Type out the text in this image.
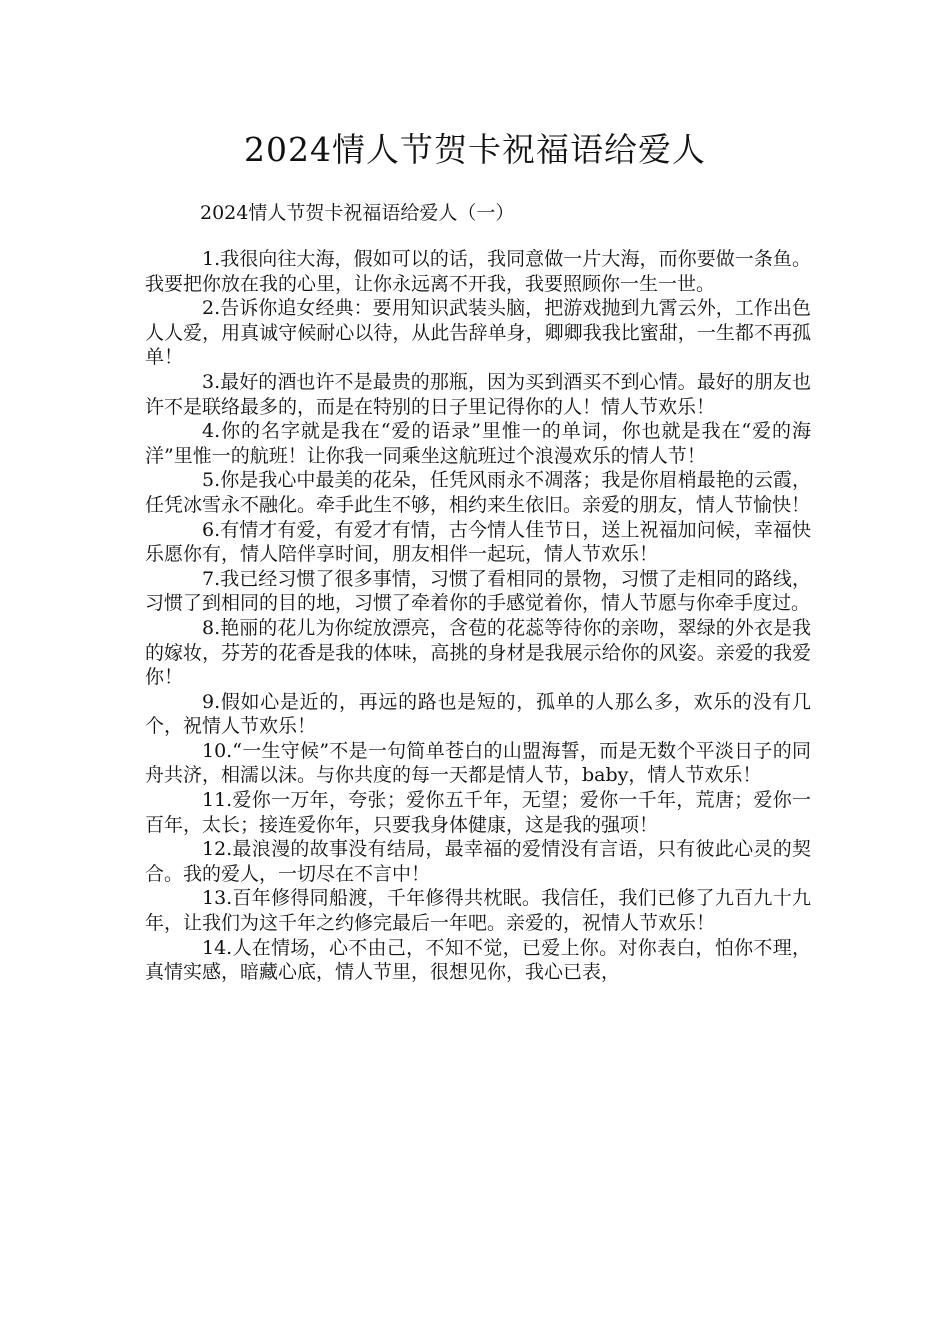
2024情人节贺卡祝福语给爱人
2024情人节贺卡祝福语给爱人（一）

1.我很向往大海，假如可以的话，我同意做一片大海，而你要做一条鱼。我要把你放在我的心里，让你永远离不开我，我要照顾你一生一世。

2.告诉你追女经典：要用知识武装头脑，把游戏抛到九霄云外，工作出色人人爱，用真诚守候耐心以待，从此告辞单身，卿卿我我比蜜甜，一生都不再孤单！

3.最好的酒也许不是最贵的那瓶，因为买到酒买不到心情。最好的朋友也许不是联络最多的，而是在特别的日子里记得你的人！情人节欢乐！

4.你的名字就是我在“爱的语录”里惟一的单词，你也就是我在“爱的海洋”里惟一的航班！让你我一同乘坐这航班过个浪漫欢乐的情人节！

5.你是我心中最美的花朵，任凭风雨永不凋落；我是你眉梢最艳的云霞，任凭冰雪永不融化。牵手此生不够，相约来生依旧。亲爱的朋友，情人节愉快！

6.有情才有爱，有爱才有情，古今情人佳节日，送上祝福加问候，幸福快乐愿你有，情人陪伴享时间，朋友相伴一起玩，情人节欢乐！

7.我已经习惯了很多事情，习惯了看相同的景物，习惯了走相同的路线，习惯了到相同的目的地，习惯了牵着你的手感觉着你，情人节愿与你牵手度过。

8.艳丽的花儿为你绽放漂亮，含苞的花蕊等待你的亲吻，翠绿的外衣是我的嫁妆，芬芳的花香是我的体味，高挑的身材是我展示给你的风姿。亲爱的我爱你！

9.假如心是近的，再远的路也是短的，孤单的人那么多，欢乐的没有几个，祝情人节欢乐！

10.“一生守候”不是一句简单苍白的山盟海誓，而是无数个平淡日子的同舟共济，相濡以沫。与你共度的每一天都是情人节，baby，情人节欢乐！

11.爱你一万年，夸张；爱你五千年，无望；爱你一千年，荒唐；爱你一百年，太长；接连爱你年，只要我身体健康，这是我的强项！

12.最浪漫的故事没有结局，最幸福的爱情没有言语，只有彼此心灵的契合。我的爱人，一切尽在不言中！

13.百年修得同船渡，千年修得共枕眠。我信任，我们已修了九百九十九年，让我们为这千年之约修完最后一年吧。亲爱的，祝情人节欢乐！

14.人在情场，心不由己，不知不觉，已爱上你。对你表白，怕你不理，真情实感，暗藏心底，情人节里，很想见你，我心已表，
